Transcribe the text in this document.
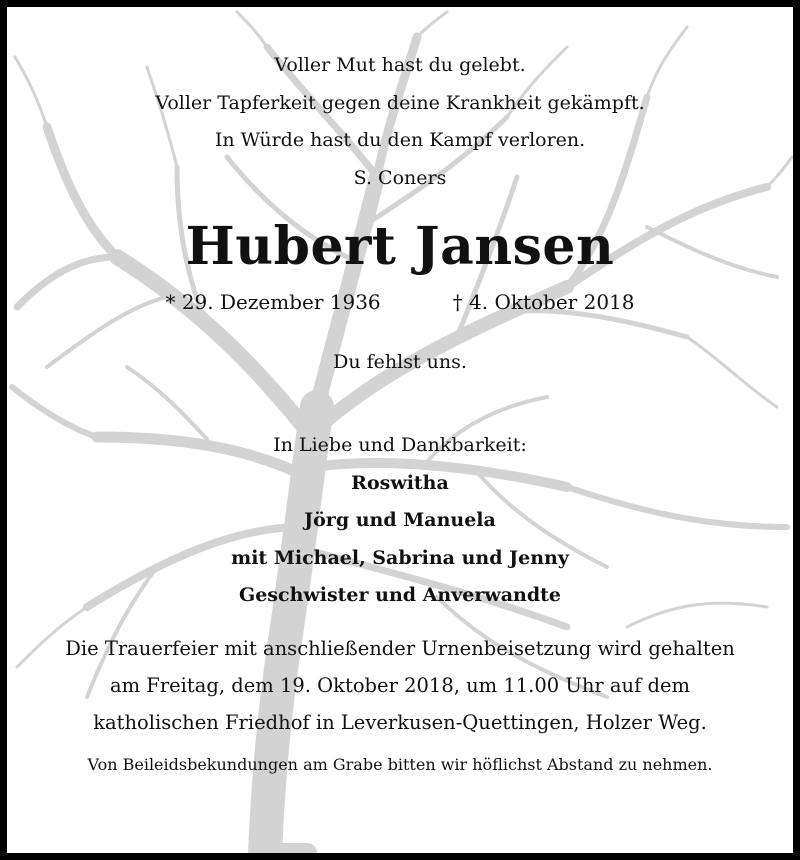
Voller Mut hast du gelebt.
Voller Tapferkeit gegen deine Krankheit gekämpft.
In Würde hast du den Kampf verloren.
S. Coners
Hubert Jansen
* 29. Dezember 1936	† 4. Oktober 2018
Du fehlst uns.
In Liebe und Dankbarkeit:
Roswitha
Jörg und Manuela
mit Michael, Sabrina und Jenny
Geschwister und Anverwandte
Die Trauerfeier mit anschließender Urnenbeisetzung wird gehalten
am Freitag, dem 19. Oktober 2018, um 11.00 Uhr auf dem
katholischen Friedhof in Leverkusen-Quettingen, Holzer Weg.
Von Beileidsbekundungen am Grabe bitten wir höflichst Abstand zu nehmen.
